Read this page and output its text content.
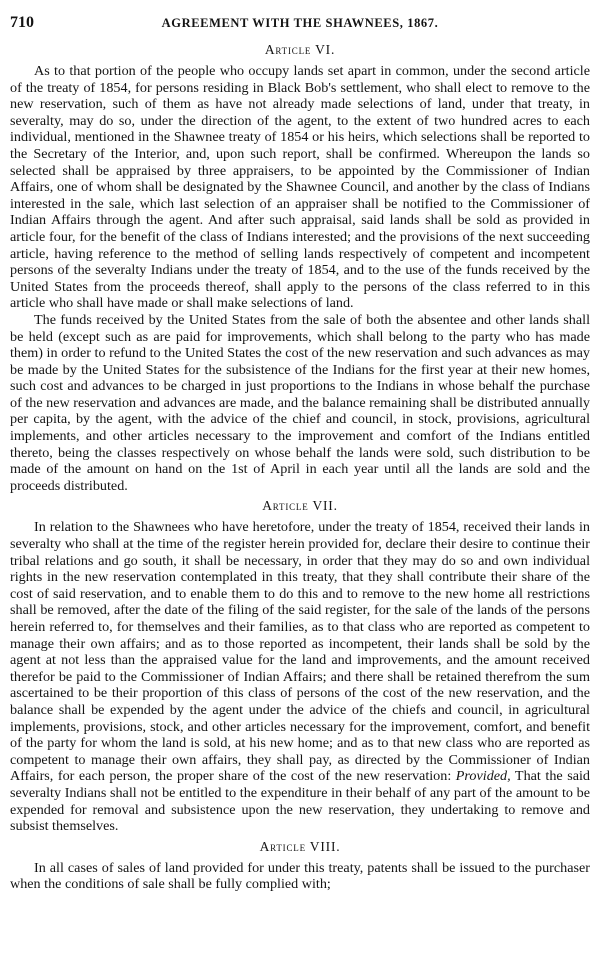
710	AGREEMENT WITH THE SHAWNEES, 1867.
Article VI.

As to that portion of the people who occupy lands set apart in common, under the second article of the treaty of 1854, for persons residing in Black Bob's settlement, who shall elect to remove to the new reservation, such of them as have not already made selections of land, under that treaty, in severalty, may do so, under the direction of the agent, to the extent of two hundred acres to each individual, mentioned in the Shawnee treaty of 1854 or his heirs, which selections shall be reported to the Secretary of the Interior, and, upon such report, shall be confirmed. Whereupon the lands so selected shall be appraised by three appraisers, to be appointed by the Commissioner of Indian Affairs, one of whom shall be designated by the Shawnee Council, and another by the class of Indians interested in the sale, which last selection of an appraiser shall be notified to the Commissioner of Indian Affairs through the agent. And after such appraisal, said lands shall be sold as provided in article four, for the benefit of the class of Indians interested; and the provisions of the next succeeding article, having reference to the method of selling lands respectively of competent and incompetent persons of the severalty Indians under the treaty of 1854, and to the use of the funds received by the United States from the proceeds thereof, shall apply to the persons of the class referred to in this article who shall have made or shall make selections of land.

The funds received by the United States from the sale of both the absentee and other lands shall be held (except such as are paid for improvements, which shall belong to the party who has made them) in order to refund to the United States the cost of the new reservation and such advances as may be made by the United States for the subsistence of the Indians for the first year at their new homes, such cost and advances to be charged in just proportions to the Indians in whose behalf the purchase of the new reservation and advances are made, and the balance remaining shall be distributed annually per capita, by the agent, with the advice of the chief and council, in stock, provisions, agricultural implements, and other articles necessary to the improvement and comfort of the Indians entitled thereto, being the classes respectively on whose behalf the lands were sold, such distribution to be made of the amount on hand on the 1st of April in each year until all the lands are sold and the proceeds distributed.

Article VII.

In relation to the Shawnees who have heretofore, under the treaty of 1854, received their lands in severalty who shall at the time of the register herein provided for, declare their desire to continue their tribal relations and go south, it shall be necessary, in order that they may do so and own individual rights in the new reservation contemplated in this treaty, that they shall contribute their share of the cost of said reservation, and to enable them to do this and to remove to the new home all restrictions shall be removed, after the date of the filing of the said register, for the sale of the lands of the persons herein referred to, for themselves and their families, as to that class who are reported as competent to manage their own affairs; and as to those reported as incompetent, their lands shall be sold by the agent at not less than the appraised value for the land and improvements, and the amount received therefor be paid to the Commissioner of Indian Affairs; and there shall be retained therefrom the sum ascertained to be their proportion of this class of persons of the cost of the new reservation, and the balance shall be expended by the agent under the advice of the chiefs and council, in agricultural implements, provisions, stock, and other articles necessary for the improvement, comfort, and benefit of the party for whom the land is sold, at his new home; and as to that new class who are reported as competent to manage their own affairs, they shall pay, as directed by the Commissioner of Indian Affairs, for each person, the proper share of the cost of the new reservation: Provided, That the said severalty Indians shall not be entitled to the expenditure in their behalf of any part of the amount to be expended for removal and subsistence upon the new reservation, they undertaking to remove and subsist themselves.

Article VIII.

In all cases of sales of land provided for under this treaty, patents shall be issued to the purchaser when the conditions of sale shall be fully complied with;
